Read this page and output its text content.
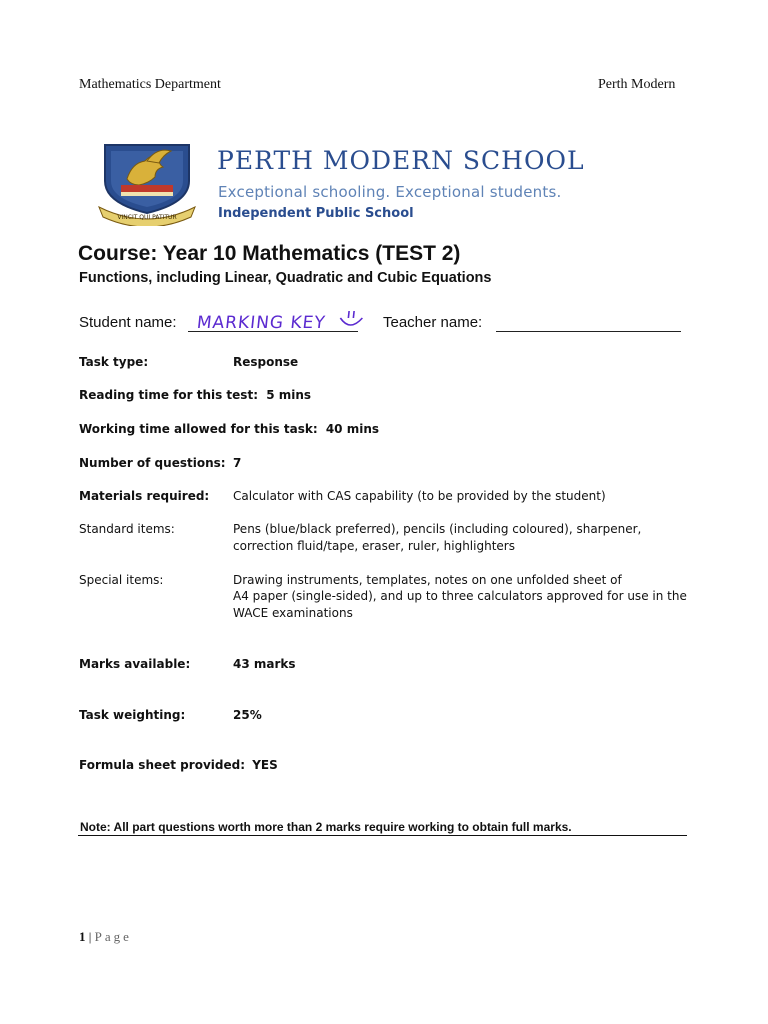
Mathematics Department	Perth Modern
VINCIT QUI PATITUR
PERTH MODERN SCHOOL
Exceptional schooling. Exceptional students.
Independent Public School
Course: Year 10 Mathematics (TEST 2)
Functions, including Linear, Quadratic and Cubic Equations
Student name: MARKING KEY	Teacher name:
Task type:	Response
Reading time for this test: 5 mins
Working time allowed for this task: 40 mins
Number of questions: 7
Materials required: Calculator with CAS capability (to be provided by the student)
Standard items:	Pens (blue/black preferred), pencils (including coloured), sharpener,
correction fluid/tape, eraser, ruler, highlighters
Special items:	Drawing instruments, templates, notes on one unfolded sheet of
A4 paper (single-sided), and up to three calculators approved for use in the
WACE examinations
Marks available:	43 marks
Task weighting:	25%
Formula sheet provided: YES
Note: All part questions worth more than 2 marks require working to obtain full marks.
1 | Page
